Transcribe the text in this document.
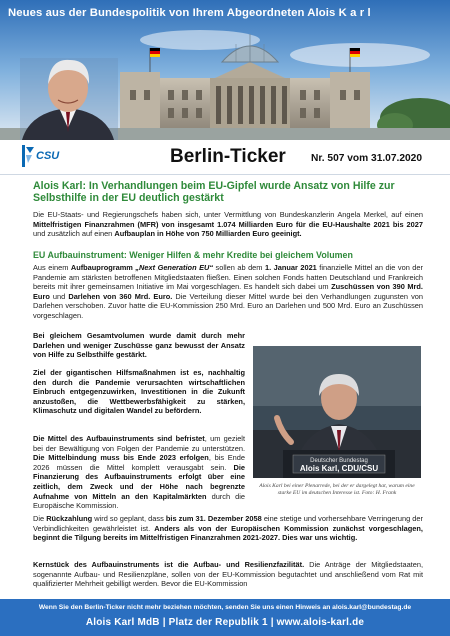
Neues aus der Bundespolitik von Ihrem Abgeordneten Alois K a r l
CSU	Berlin-Ticker Nr. 507 vom 31.07.2020
Alois Karl: In Verhandlungen beim EU-Gipfel wurde Ansatz von Hilfe zur Selbsthilfe in der EU deutlich gestärkt
Die EU-Staats- und Regierungschefs haben sich, unter Vermittlung von Bundeskanzlerin Angela Merkel, auf einen Mittelfristigen Finanzrahmen (MFR) von insgesamt 1.074 Milliarden Euro für die EU-Haushalte 2021 bis 2027 und zusätzlich auf einen Aufbauplan in Höhe von 750 Milliarden Euro geeinigt.
EU Aufbauinstrument: Weniger Hilfen & mehr Kredite bei gleichem Volumen
Aus einem Aufbauprogramm „Next Generation EU“ sollen ab dem 1. Januar 2021 finanzielle Mittel an die von der Pandemie am stärksten betroffenen Mitgliedstaaten fließen. Einen solchen Fonds hatten Deutschland und Frankreich bereits mit ihrer gemeinsamen Initiative im Mai vorgeschlagen. Es handelt sich dabei um Zuschüssen von 390 Mrd. Euro und Darlehen von 360 Mrd. Euro. Die Verteilung dieser Mittel wurde bei den Verhandlungen zugunsten von Darlehen verschoben. Zuvor hatte die EU-Kommission 250 Mrd. Euro an Darlehen und 500 Mrd. Euro an Zuschüssen vorgeschlagen.
Bei gleichem Gesamtvolumen wurde damit durch mehr Darlehen und weniger Zuschüsse ganz bewusst der Ansatz von Hilfe zu Selbsthilfe gestärkt.
Ziel der gigantischen Hilfsmaßnahmen ist es, nachhaltig den durch die Pandemie verursachten wirtschaftlichen Einbruch entgegenzuwirken, Investitionen in die Zukunft anzustoßen, die Wettbewerbsfähigkeit zu stärken, Klimaschutz und digitalen Wandel zu befördern.
Die Mittel des Aufbauinstruments sind befristet, um gezielt bei der Bewältigung von Folgen der Pandemie zu unterstützen. Die Mittelbindung muss bis Ende 2023 erfolgen, bis Ende 2026 müssen die Mittel komplett verausgabt sein. Die Finanzierung des Aufbauinstruments erfolgt über eine zeitlich, dem Zweck und der Höhe nach begrenzte Aufnahme von Mitteln an den Kapitalmärkten durch die Europäische Kommission.
Deutscher Bundestag
Alois Karl, CDU/CSU
Alois Karl bei einer Plenarrede, bei der er dargelegt hat, warum eine starke EU im deutschen Interesse ist. Foto: H. Frank
Die Rückzahlung wird so geplant, dass bis zum 31. Dezember 2058 eine stetige und vorhersehbare Verringerung der Verbindlichkeiten gewährleistet ist. Anders als von der Europäischen Kommission zunächst vorgeschlagen, beginnt die Tilgung bereits im Mittelfristigen Finanzrahmen 2021-2027. Dies war uns wichtig.
Kernstück des Aufbauinstruments ist die Aufbau- und Resilienzfazilität. Die Anträge der Mitgliedstaaten, sogenannte Aufbau- und Resilienzpläne, sollen von der EU-Kommission begutachtet und anschließend vom Rat mit qualifizierter Mehrheit gebilligt werden. Bevor die EU-Kommission
Wenn Sie den Berlin-Ticker nicht mehr beziehen möchten, senden Sie uns einen Hinweis an alois.karl@bundestag.de
Alois Karl MdB | Platz der Republik 1 | www.alois-karl.de
